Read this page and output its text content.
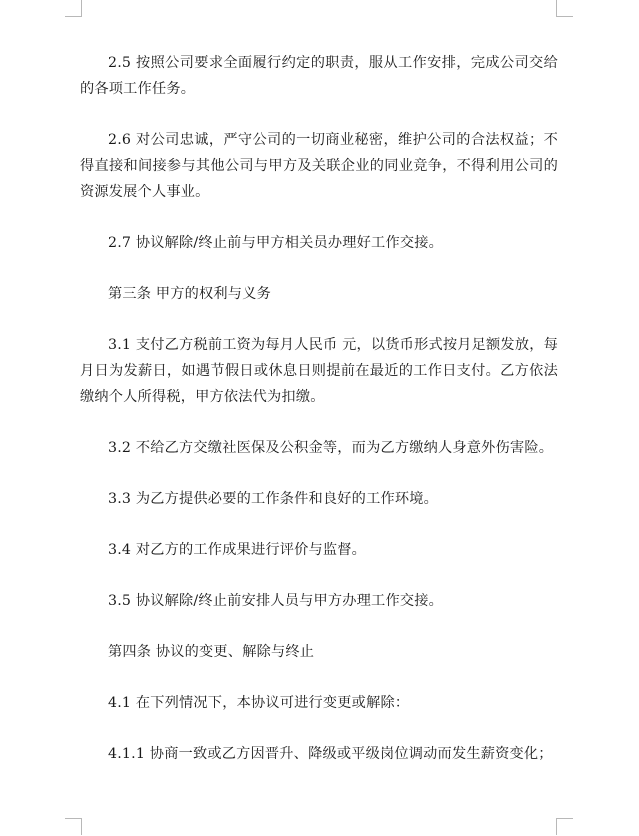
2.5 按照公司要求全面履行约定的职责，服从工作安排，完成公司交给的各项工作任务。

2.6 对公司忠诚，严守公司的一切商业秘密，维护公司的合法权益；不得直接和间接参与其他公司与甲方及关联企业的同业竞争，不得利用公司的资源发展个人事业。

2.7 协议解除/终止前与甲方相关员办理好工作交接。

第三条 甲方的权利与义务

3.1 支付乙方税前工资为每月人民币 元，以货币形式按月足额发放，每月日为发薪日，如遇节假日或休息日则提前在最近的工作日支付。乙方依法缴纳个人所得税，甲方依法代为扣缴。

3.2 不给乙方交缴社医保及公积金等，而为乙方缴纳人身意外伤害险。

3.3 为乙方提供必要的工作条件和良好的工作环境。

3.4 对乙方的工作成果进行评价与监督。

3.5 协议解除/终止前安排人员与甲方办理工作交接。

第四条 协议的变更、解除与终止

4.1 在下列情况下，本协议可进行变更或解除：

4.1.1 协商一致或乙方因晋升、降级或平级岗位调动而发生薪资变化；
